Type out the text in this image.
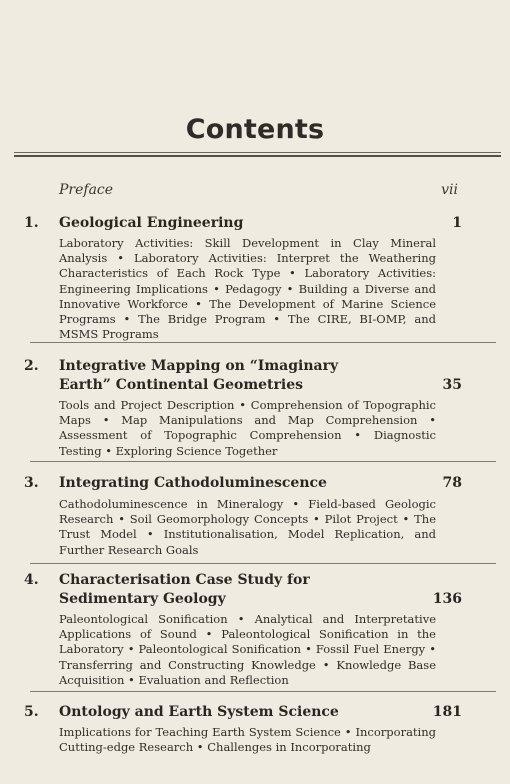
Contents
Preface	vii
1. Geological Engineering	1
Laboratory Activities: Skill Development in Clay Mineral Analysis • Laboratory Activities: Interpret the Weathering Characteristics of Each Rock Type • Laboratory Activities: Engineering Implications • Pedagogy • Building a Diverse and Innovative Workforce • The Development of Marine Science Programs • The Bridge Program • The CIRE, BI-OMP, and MSMS Programs
2. Integrative Mapping on “Imaginary Earth” Continental Geometries	35
Tools and Project Description • Comprehension of Topographic Maps • Map Manipulations and Map Comprehension • Assessment of Topographic Comprehension • Diagnostic Testing • Exploring Science Together
3. Integrating Cathodoluminescence	78
Cathodoluminescence in Mineralogy • Field-based Geologic Research • Soil Geomorphology Concepts • Pilot Project • The Trust Model • Institutionalisation, Model Replication, and Further Research Goals
4. Characterisation Case Study for Sedimentary Geology	136
Paleontological Sonification • Analytical and Interpretative Applications of Sound • Paleontological Sonification in the Laboratory • Paleontological Sonification • Fossil Fuel Energy • Transferring and Constructing Knowledge • Knowledge Base Acquisition • Evaluation and Reflection
5. Ontology and Earth System Science	181
Implications for Teaching Earth System Science • Incorporating Cutting-edge Research • Challenges in Incorporating
